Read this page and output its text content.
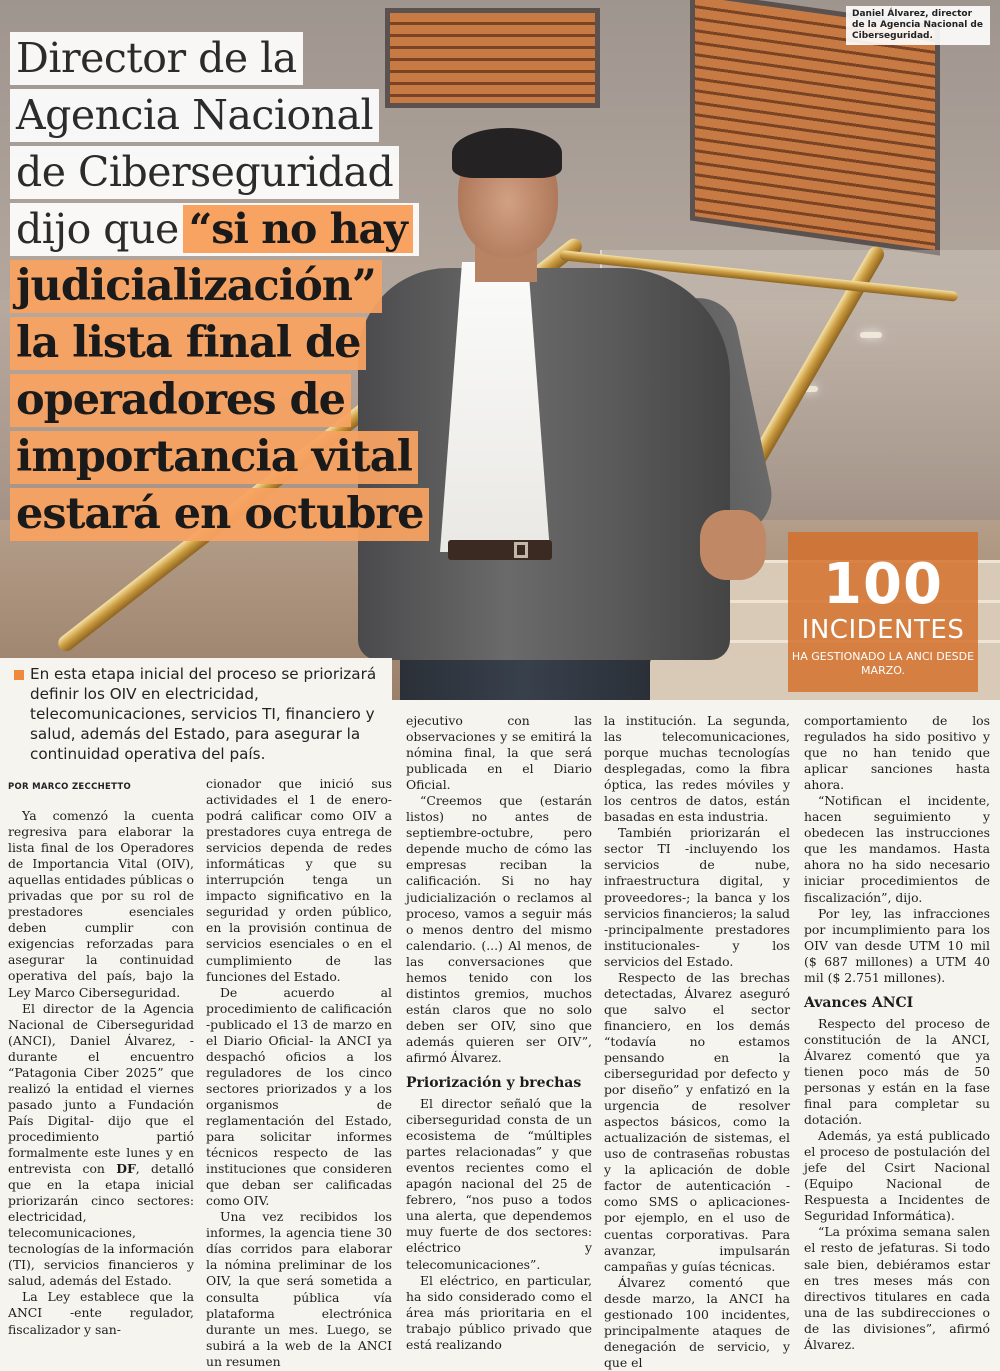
Director de la
Agencia Nacional
de Ciberseguridad
dijo que “si no hay
judicialización”
la lista final de
operadores de
importancia vital
estará en octubre
Daniel Álvarez, director de la Agencia Nacional de Ciberseguridad.
100
INCIDENTES
HA GESTIONADO LA ANCI DESDE MARZO.

En esta etapa inicial del proceso se priorizará definir los OIV en electricidad, telecomunicaciones, servicios TI, financiero y salud, además del Estado, para asegurar la continuidad operativa del país.

POR MARCO ZECCHETTO

Ya comenzó la cuenta regresiva para elaborar la lista final de los Operadores de Importancia Vital (OIV), aquellas entidades públicas o privadas que por su rol de prestadores esenciales deben cumplir con exigencias reforzadas para asegurar la continuidad operativa del país, bajo la Ley Marco Ciberseguridad.

El director de la Agencia Nacional de Ciberseguridad (ANCI), Daniel Álvarez, -durante el encuentro “Patagonia Ciber 2025” que realizó la entidad el viernes pasado junto a Fundación País Digital- dijo que el procedimiento partió formalmente este lunes y en entrevista con DF, detalló que en la etapa inicial priorizarán cinco sectores: electricidad, telecomunicaciones, tecnologías de la información (TI), servicios financieros y salud, además del Estado.

La Ley establece que la ANCI -ente regulador, fiscalizador y san-

cionador que inició sus actividades el 1 de enero- podrá calificar como OIV a prestadores cuya entrega de servicios dependa de redes informáticas y que su interrupción tenga un impacto significativo en la seguridad y orden público, en la provisión continua de servicios esenciales o en el cumplimiento de las funciones del Estado.

De acuerdo al procedimiento de calificación -publicado el 13 de marzo en el Diario Oficial- la ANCI ya despachó oficios a los reguladores de los cinco sectores priorizados y a los organismos de reglamentación del Estado, para solicitar informes técnicos respecto de las instituciones que consideren que deban ser calificadas como OIV.

Una vez recibidos los informes, la agencia tiene 30 días corridos para elaborar la nómina preliminar de los OIV, la que será sometida a consulta pública vía plataforma electrónica durante un mes. Luego, se subirá a la web de la ANCI un resumen

ejecutivo con las observaciones y se emitirá la nómina final, la que será publicada en el Diario Oficial.

“Creemos que (estarán listos) no antes de septiembre-octubre, pero depende mucho de cómo las empresas reciban la calificación. Si no hay judicialización o reclamos al proceso, vamos a seguir más o menos dentro del mismo calendario. (...) Al menos, de las conversaciones que hemos tenido con los distintos gremios, muchos están claros que no solo deben ser OIV, sino que además quieren ser OIV”, afirmó Álvarez.

Priorización y brechas

El director señaló que la ciberseguridad consta de un ecosistema de “múltiples partes relacionadas” y que eventos recientes como el apagón nacional del 25 de febrero, “nos puso a todos una alerta, que dependemos muy fuerte de dos sectores: eléctrico y telecomunicaciones”.

El eléctrico, en particular, ha sido considerado como el área más prioritaria en el trabajo público privado que está realizando

la institución. La segunda, las telecomunicaciones, porque muchas tecnologías desplegadas, como la fibra óptica, las redes móviles y los centros de datos, están basadas en esta industria.

También priorizarán el sector TI -incluyendo los servicios de nube, infraestructura digital, y proveedores-; la banca y los servicios financieros; la salud -principalmente prestadores institucionales- y los servicios del Estado.

Respecto de las brechas detectadas, Álvarez aseguró que salvo el sector financiero, en los demás “todavía no estamos pensando en la ciberseguridad por defecto y por diseño” y enfatizó en la urgencia de resolver aspectos básicos, como la actualización de sistemas, el uso de contraseñas robustas y la aplicación de doble factor de autenticación -como SMS o aplicaciones- por ejemplo, en el uso de cuentas corporativas. Para avanzar, impulsarán campañas y guías técnicas.

Álvarez comentó que desde marzo, la ANCI ha gestionado 100 incidentes, principalmente ataques de denegación de servicio, y que el

comportamiento de los regulados ha sido positivo y que no han tenido que aplicar sanciones hasta ahora.

“Notifican el incidente, hacen seguimiento y obedecen las instrucciones que les mandamos. Hasta ahora no ha sido necesario iniciar procedimientos de fiscalización”, dijo.

Por ley, las infracciones por incumplimiento para los OIV van desde UTM 10 mil ($ 687 millones) a UTM 40 mil ($ 2.751 millones).

Avances ANCI

Respecto del proceso de constitución de la ANCI, Álvarez comentó que ya tienen poco más de 50 personas y están en la fase final para completar su dotación.

Además, ya está publicado el proceso de postulación del jefe del Csirt Nacional (Equipo Nacional de Respuesta a Incidentes de Seguridad Informática).

“La próxima semana salen el resto de jefaturas. Si todo sale bien, debiéramos estar en tres meses más con directivos titulares en cada una de las subdirecciones o de las divisiones”, afirmó Álvarez.
